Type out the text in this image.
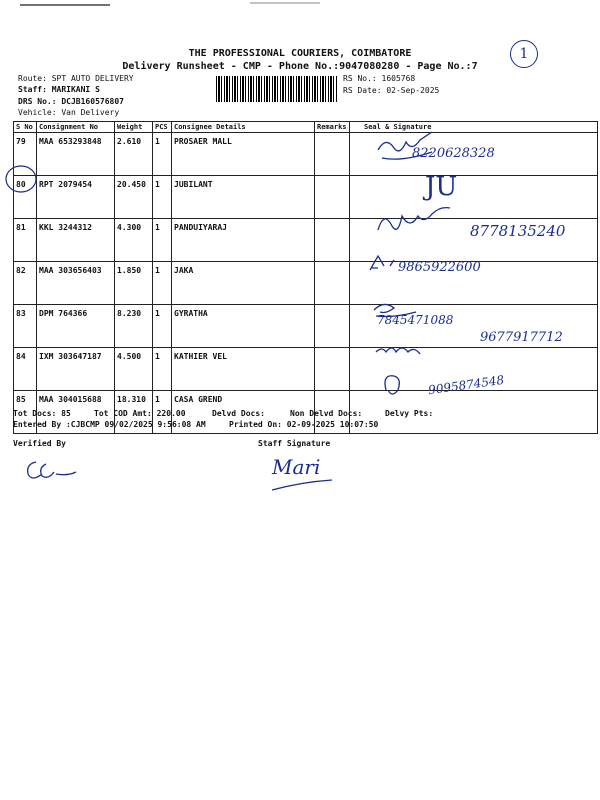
1
THE PROFESSIONAL COURIERS, COIMBATORE
Delivery Runsheet - CMP - Phone No.:9047080280 - Page No.:7
Route: SPT AUTO DELIVERY
Staff: MARIKANI S
DRS No.: DCJB160576807
Vehicle: Van Delivery
RS No.: 1605768
RS Date: 02-Sep-2025
S No	Consignment No	Weight	PCS	Consignee Details	Remarks	Seal & Signature
79	MAA 653293848	2.610	1	PROSAER MALL		
80	RPT 2079454	20.450	1	JUBILANT		
81	KKL 3244312	4.300	1	PANDUIYARAJ		
82	MAA 303656403	1.850	1	JAKA		
83	DPM 764366	8.230	1	GYRATHA		
84	IXM 303647187	4.500	1	KATHIER VEL		
85	MAA 304015688	18.310	1	CASA GREND		
8220628328
JU
8778135240
9865922600
7845471088
9677917712
9095874548
Tot Docs: 85	Tot COD Amt: 220.00	Delvd Docs:	Non Delvd Docs:	Delvy Pts:
Entered By :CJBCMP 09/02/2025 9:56:08 AM	Printed On: 02-09-2025 10:07:50
Verified By	Staff Signature
Mari
